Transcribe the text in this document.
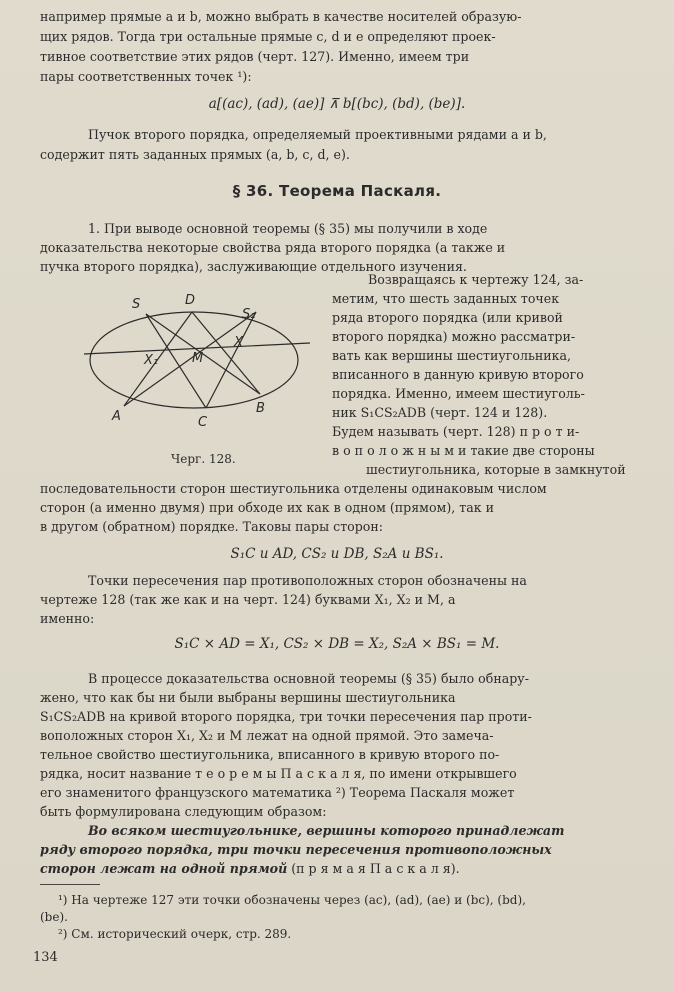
например прямые a и b, можно выбрать в качестве носителей образую-
щих рядов. Тогда три остальные прямые c, d и e определяют проек-
тивное соответствие этих рядов (черт. 127). Именно, имеем три
пары соответственных точек ¹):
a[(ac), (ad), (ae)] ⊼ b[(bc), (bd), (be)].
Пучок второго порядка, определяемый проективными рядами a и b,
содержит пять заданных прямых (a, b, c, d, e).
§ 36. Теорема Паскаля.
1. При выводе основной теоремы (§ 35) мы получили в ходе
доказательства некоторые свойства ряда второго порядка (а также и
пучка второго порядка), заслуживающие отдельного изучения.
Возвращаясь к чертежу 124, за-
метим, что шесть заданных точек
ряда второго порядка (или кривой
второго порядка) можно рассматри-
вать как вершины шестиугольника,
вписанного в данную кривую второго
порядка. Именно, имеем шестиуголь-
ник S₁CS₂ADB (черт. 124 и 128).
Будем называть (черт. 128) п р о т и-
в о п о л о ж н ы м и такие две стороны
шестиугольника, которые в замкнутой
S	D
S₂
X₁
X
M
B
A	C
Черг. 128.
последовательности сторон шестиугольника отделены одинаковым числом
сторон (а именно двумя) при обходе их как в одном (прямом), так и
в другом (обратном) порядке. Таковы пары сторон:
S₁C и AD, CS₂ и DB, S₂A и BS₁.
Точки пересечения пар противоположных сторон обозначены на
чертеже 128 (так же как и на черт. 124) буквами X₁, X₂ и M, а
именно:
S₁C × AD = X₁, CS₂ × DB = X₂, S₂A × BS₁ = M.
В процессе доказательства основной теоремы (§ 35) было обнару-
жено, что как бы ни были выбраны вершины шестиугольника
S₁CS₂ADB на кривой второго порядка, три точки пересечения пар проти-
воположных сторон X₁, X₂ и M лежат на одной прямой. Это замеча-
тельное свойство шестиугольника, вписанного в кривую второго по-
рядка, носит название т е о р е м ы П а с к а л я, по имени открывшего
его знаменитого французского математика ²) Теорема Паскаля может
быть формулирована следующим образом:
Во всяком шестиугольнике, вершины которого принадлежат
ряду второго порядка, три точки пересечения противоположных
сторон лежат на одной прямой (п р я м а я П а с к а л я).
¹) На чертеже 127 эти точки обозначены через (ac), (ad), (ae) и (bc), (bd),
(be).
²) См. исторический очерк, стр. 289.
134
